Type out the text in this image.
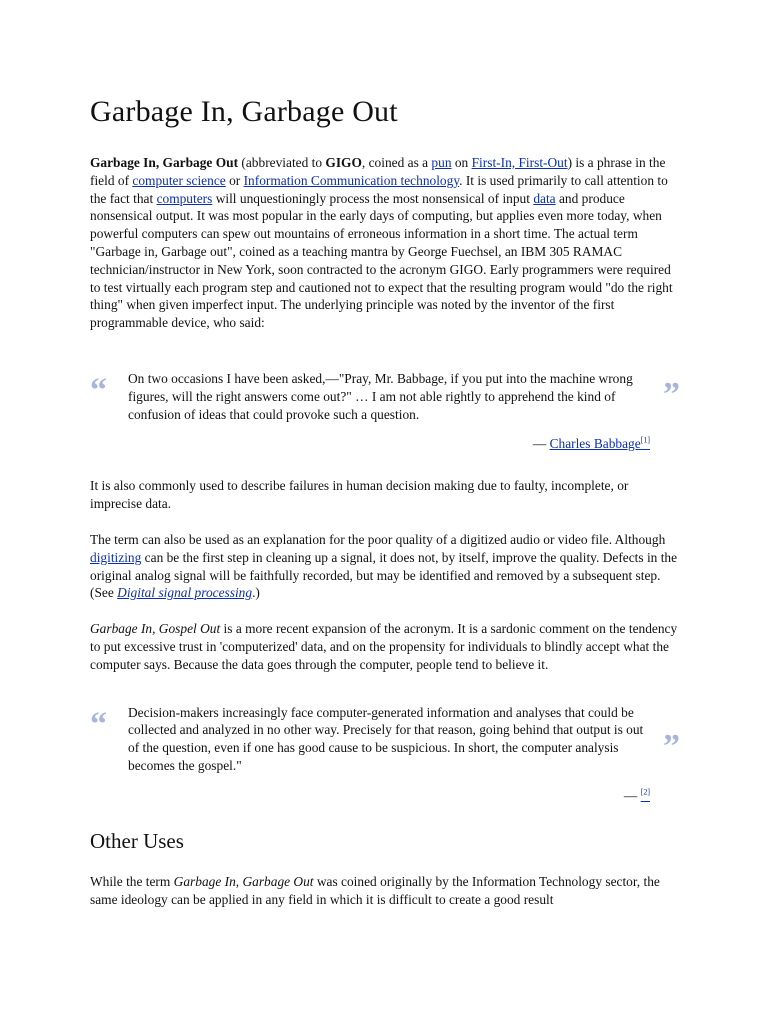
Garbage In, Garbage Out

Garbage In, Garbage Out (abbreviated to GIGO, coined as a pun on First-In, First-Out) is a phrase in the field of computer science or Information Communication technology. It is used primarily to call attention to the fact that computers will unquestioningly process the most nonsensical of input data and produce nonsensical output. It was most popular in the early days of computing, but applies even more today, when powerful computers can spew out mountains of erroneous information in a short time. The actual term "Garbage in, Garbage out", coined as a teaching mantra by George Fuechsel, an IBM 305 RAMAC technician/instructor in New York, soon contracted to the acronym GIGO. Early programmers were required to test virtually each program step and cautioned not to expect that the resulting program would "do the right thing" when given imperfect input. The underlying principle was noted by the inventor of the first programmable device, who said:

“ On two occasions I have been asked,—"Pray, Mr. Babbage, if you put into the machine wrong figures, will the right answers come out?" … I am not able rightly to apprehend the kind of confusion of ideas that could provoke such a question.
”
— Charles Babbage[1]

It is also commonly used to describe failures in human decision making due to faulty, incomplete, or imprecise data.

The term can also be used as an explanation for the poor quality of a digitized audio or video file. Although digitizing can be the first step in cleaning up a signal, it does not, by itself, improve the quality. Defects in the original analog signal will be faithfully recorded, but may be identified and removed by a subsequent step. (See Digital signal processing.)

Garbage In, Gospel Out is a more recent expansion of the acronym. It is a sardonic comment on the tendency to put excessive trust in 'computerized' data, and on the propensity for individuals to blindly accept what the computer says. Because the data goes through the computer, people tend to believe it.

“ Decision-makers increasingly face computer-generated information and analyses that could be collected and analyzed in no other way. Precisely for that reason, going behind that output is out of the question, even if one has good cause to be suspicious. In short, the computer analysis becomes the gospel."
”
— [2]
Other Uses

While the term Garbage In, Garbage Out was coined originally by the Information Technology sector, the same ideology can be applied in any field in which it is difficult to create a good result
